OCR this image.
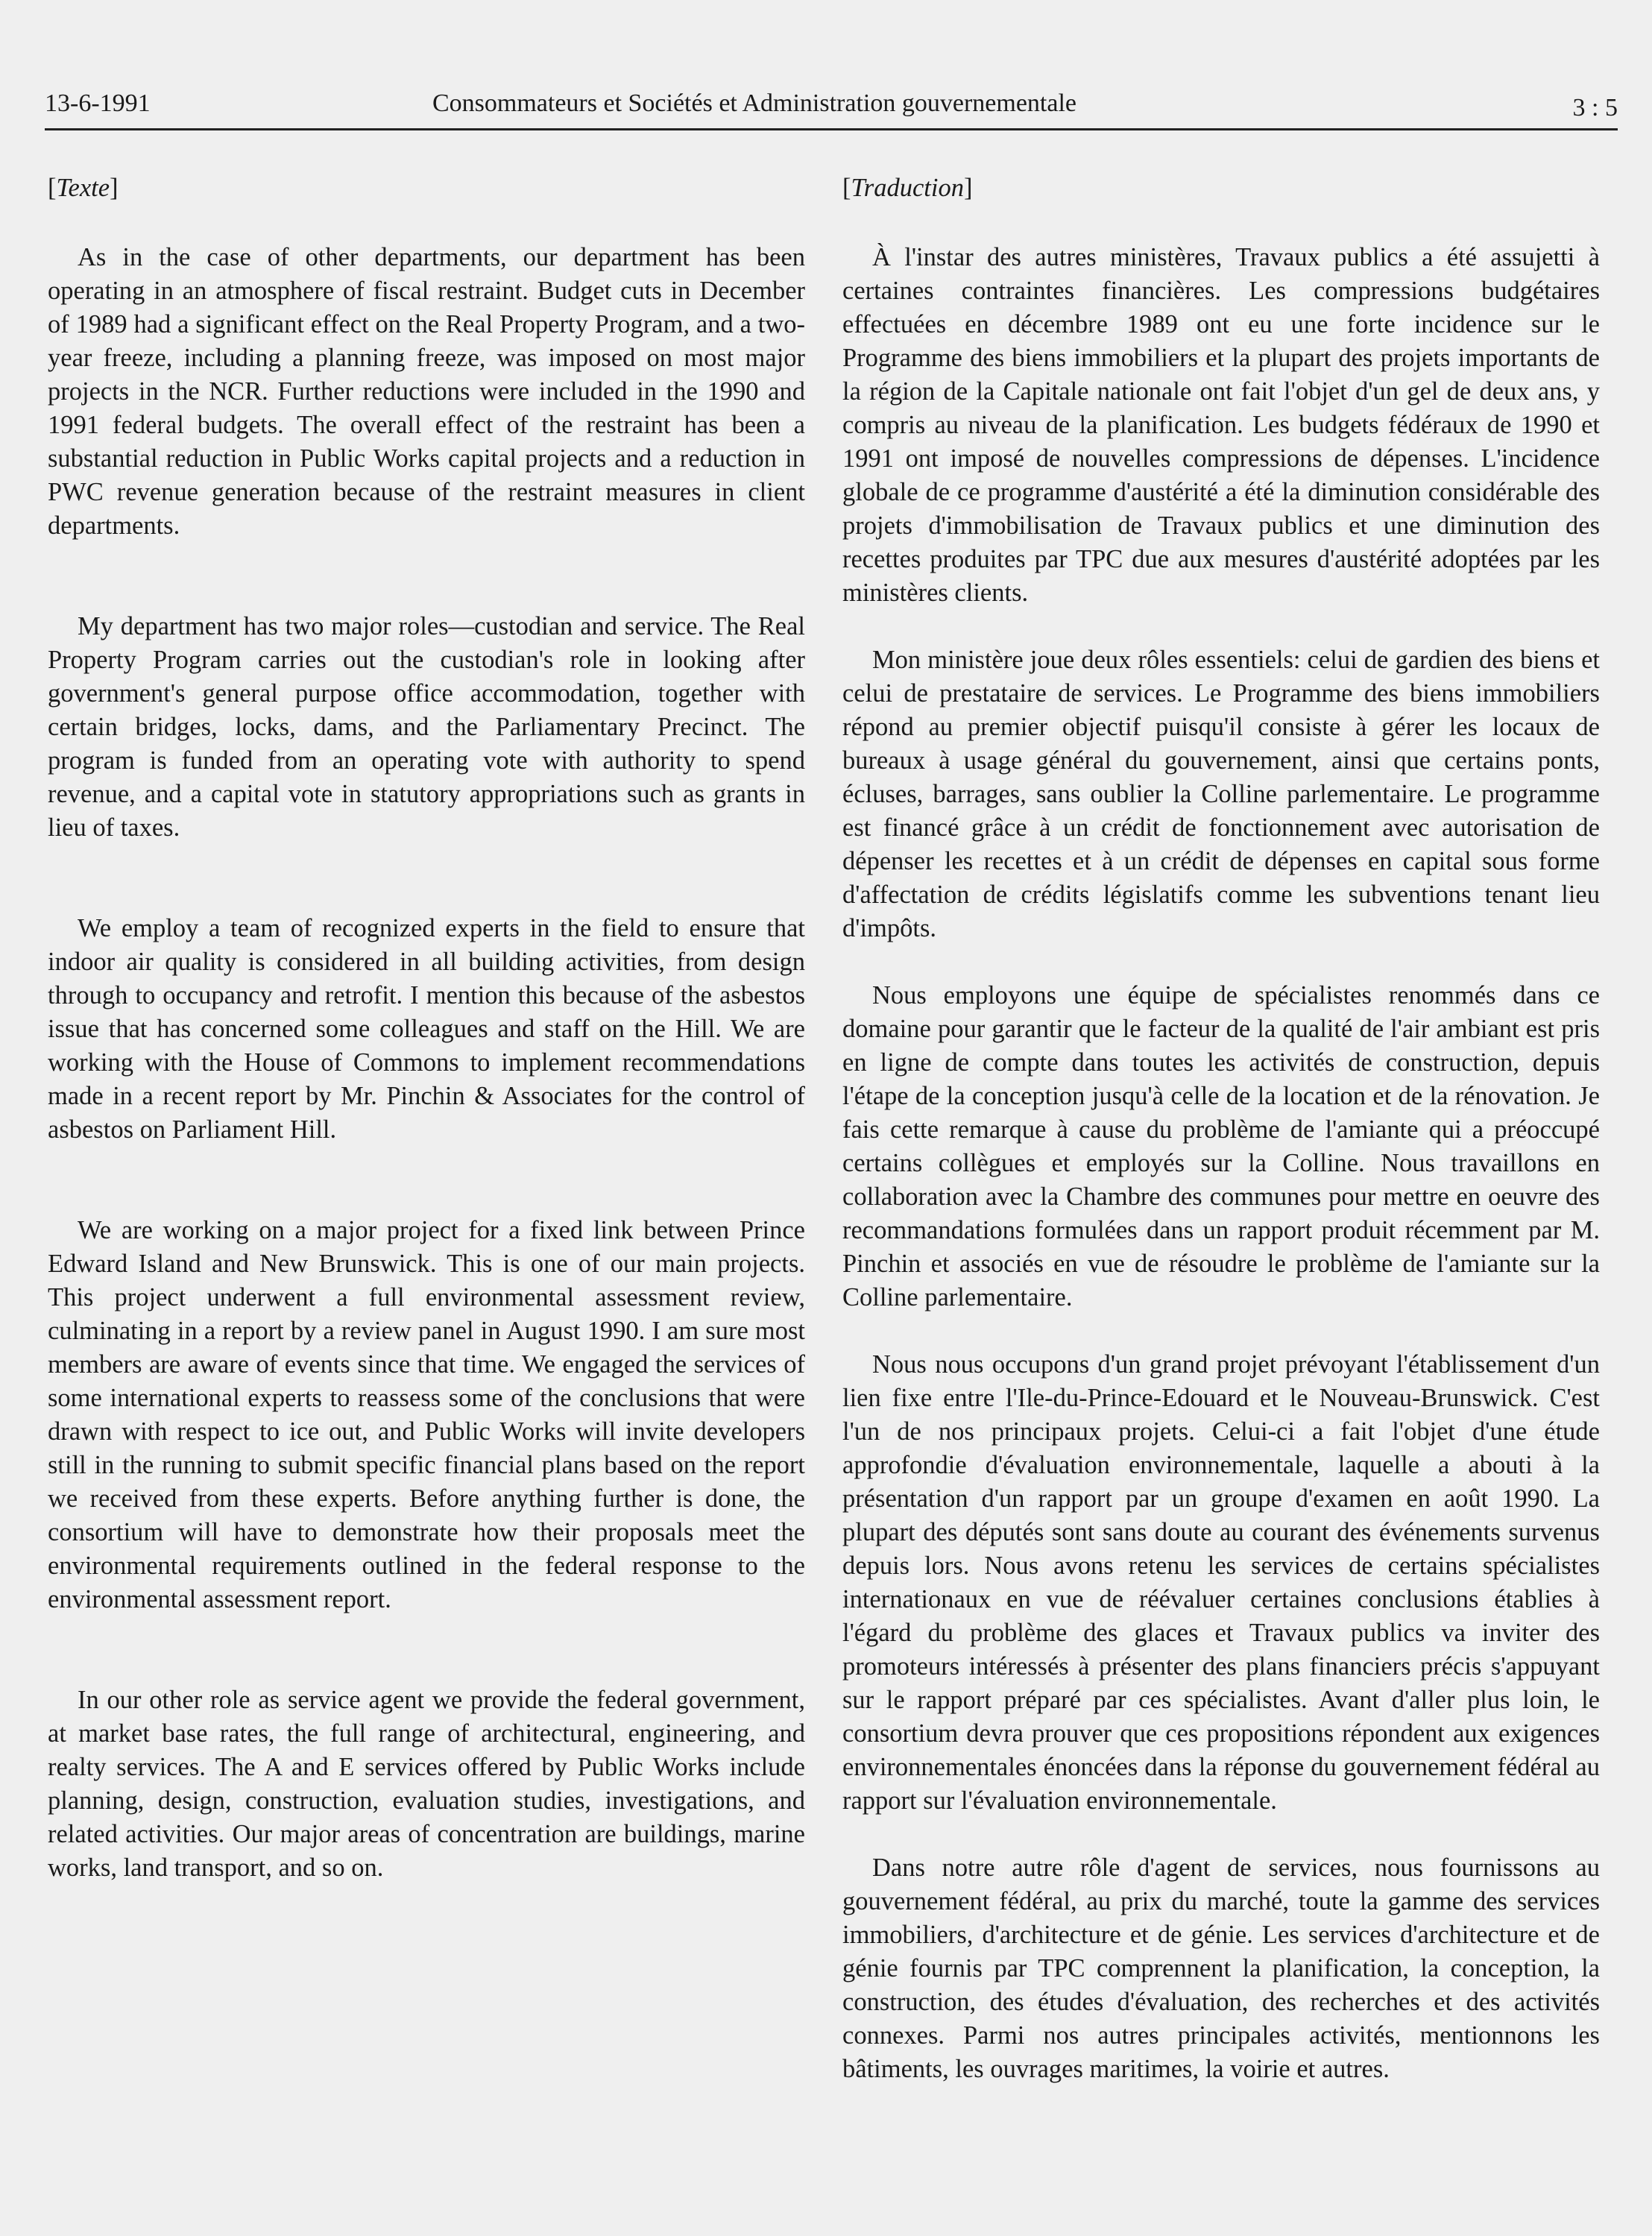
13-6-1991	Consommateurs et Sociétés et Administration gouvernementale	3 : 5
[Texte]

As in the case of other departments, our department has been operating in an atmosphere of fiscal restraint. Budget cuts in December of 1989 had a significant effect on the Real Property Program, and a two-year freeze, including a planning freeze, was imposed on most major projects in the NCR. Further reductions were included in the 1990 and 1991 federal budgets. The overall effect of the restraint has been a substantial reduction in Public Works capital projects and a reduction in PWC revenue generation because of the restraint measures in client departments.

My department has two major roles—custodian and service. The Real Property Program carries out the custodian's role in looking after government's general purpose office accommodation, together with certain bridges, locks, dams, and the Parliamentary Precinct. The program is funded from an operating vote with authority to spend revenue, and a capital vote in statutory appropriations such as grants in lieu of taxes.

We employ a team of recognized experts in the field to ensure that indoor air quality is considered in all building activities, from design through to occupancy and retrofit. I mention this because of the asbestos issue that has concerned some colleagues and staff on the Hill. We are working with the House of Commons to implement recommendations made in a recent report by Mr. Pinchin & Associates for the control of asbestos on Parliament Hill.

We are working on a major project for a fixed link between Prince Edward Island and New Brunswick. This is one of our main projects. This project underwent a full environmental assessment review, culminating in a report by a review panel in August 1990. I am sure most members are aware of events since that time. We engaged the services of some international experts to reassess some of the conclusions that were drawn with respect to ice out, and Public Works will invite developers still in the running to submit specific financial plans based on the report we received from these experts. Before anything further is done, the consortium will have to demonstrate how their proposals meet the environmental requirements outlined in the federal response to the environmental assessment report.

In our other role as service agent we provide the federal government, at market base rates, the full range of architectural, engineering, and realty services. The A and E services offered by Public Works include planning, design, construction, evaluation studies, investigations, and related activities. Our major areas of concentration are buildings, marine works, land transport, and so on.

[Traduction]

À l'instar des autres ministères, Travaux publics a été assujetti à certaines contraintes financières. Les compressions budgétaires effectuées en décembre 1989 ont eu une forte incidence sur le Programme des biens immobiliers et la plupart des projets importants de la région de la Capitale nationale ont fait l'objet d'un gel de deux ans, y compris au niveau de la planification. Les budgets fédéraux de 1990 et 1991 ont imposé de nouvelles compressions de dépenses. L'incidence globale de ce programme d'austérité a été la diminution considérable des projets d'immobilisation de Travaux publics et une diminution des recettes produites par TPC due aux mesures d'austérité adoptées par les ministères clients.

Mon ministère joue deux rôles essentiels: celui de gardien des biens et celui de prestataire de services. Le Programme des biens immobiliers répond au premier objectif puisqu'il consiste à gérer les locaux de bureaux à usage général du gouvernement, ainsi que certains ponts, écluses, barrages, sans oublier la Colline parlementaire. Le programme est financé grâce à un crédit de fonctionnement avec autorisation de dépenser les recettes et à un crédit de dépenses en capital sous forme d'affectation de crédits législatifs comme les subventions tenant lieu d'impôts.

Nous employons une équipe de spécialistes renommés dans ce domaine pour garantir que le facteur de la qualité de l'air ambiant est pris en ligne de compte dans toutes les activités de construction, depuis l'étape de la conception jusqu'à celle de la location et de la rénovation. Je fais cette remarque à cause du problème de l'amiante qui a préoccupé certains collègues et employés sur la Colline. Nous travaillons en collaboration avec la Chambre des communes pour mettre en oeuvre des recommandations formulées dans un rapport produit récemment par M. Pinchin et associés en vue de résoudre le problème de l'amiante sur la Colline parlementaire.

Nous nous occupons d'un grand projet prévoyant l'établissement d'un lien fixe entre l'Ile-du-Prince-Edouard et le Nouveau-Brunswick. C'est l'un de nos principaux projets. Celui-ci a fait l'objet d'une étude approfondie d'évaluation environnementale, laquelle a abouti à la présentation d'un rapport par un groupe d'examen en août 1990. La plupart des députés sont sans doute au courant des événements survenus depuis lors. Nous avons retenu les services de certains spécialistes internationaux en vue de réévaluer certaines conclusions établies à l'égard du problème des glaces et Travaux publics va inviter des promoteurs intéressés à présenter des plans financiers précis s'appuyant sur le rapport préparé par ces spécialistes. Avant d'aller plus loin, le consortium devra prouver que ces propositions répondent aux exigences environnementales énoncées dans la réponse du gouvernement fédéral au rapport sur l'évaluation environnementale.

Dans notre autre rôle d'agent de services, nous fournissons au gouvernement fédéral, au prix du marché, toute la gamme des services immobiliers, d'architecture et de génie. Les services d'architecture et de génie fournis par TPC comprennent la planification, la conception, la construction, des études d'évaluation, des recherches et des activités connexes. Parmi nos autres principales activités, mentionnons les bâtiments, les ouvrages maritimes, la voirie et autres.
